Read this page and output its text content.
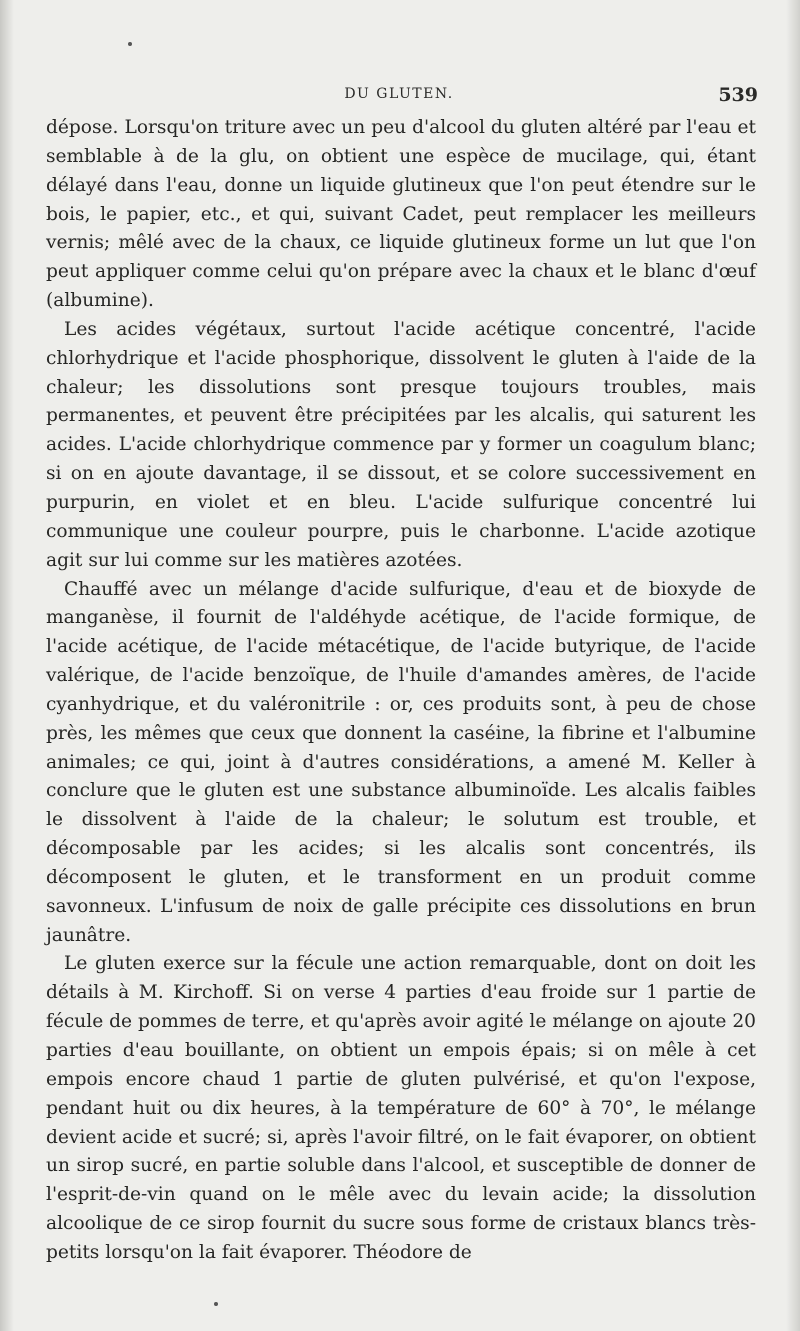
DU GLUTEN.	539

dépose. Lorsqu'on triture avec un peu d'alcool du gluten altéré par l'eau et semblable à de la glu, on obtient une espèce de mucilage, qui, étant délayé dans l'eau, donne un liquide glutineux que l'on peut étendre sur le bois, le papier, etc., et qui, suivant Cadet, peut remplacer les meilleurs vernis; mêlé avec de la chaux, ce liquide glutineux forme un lut que l'on peut appliquer comme celui qu'on prépare avec la chaux et le blanc d'œuf (albumine).

Les acides végétaux, surtout l'acide acétique concentré, l'acide chlorhydrique et l'acide phosphorique, dissolvent le gluten à l'aide de la chaleur; les dissolutions sont presque toujours troubles, mais permanentes, et peuvent être précipitées par les alcalis, qui saturent les acides. L'acide chlorhydrique commence par y former un coagulum blanc; si on en ajoute davantage, il se dissout, et se colore successivement en purpurin, en violet et en bleu. L'acide sulfurique concentré lui communique une couleur pourpre, puis le charbonne. L'acide azotique agit sur lui comme sur les matières azotées.

Chauffé avec un mélange d'acide sulfurique, d'eau et de bioxyde de manganèse, il fournit de l'aldéhyde acétique, de l'acide formique, de l'acide acétique, de l'acide métacétique, de l'acide butyrique, de l'acide valérique, de l'acide benzoïque, de l'huile d'amandes amères, de l'acide cyanhydrique, et du valéronitrile : or, ces produits sont, à peu de chose près, les mêmes que ceux que donnent la caséine, la fibrine et l'albumine animales; ce qui, joint à d'autres considérations, a amené M. Keller à conclure que le gluten est une substance albuminoïde. Les alcalis faibles le dissolvent à l'aide de la chaleur; le solutum est trouble, et décomposable par les acides; si les alcalis sont concentrés, ils décomposent le gluten, et le transforment en un produit comme savonneux. L'infusum de noix de galle précipite ces dissolutions en brun jaunâtre.

Le gluten exerce sur la fécule une action remarquable, dont on doit les détails à M. Kirchoff. Si on verse 4 parties d'eau froide sur 1 partie de fécule de pommes de terre, et qu'après avoir agité le mélange on ajoute 20 parties d'eau bouillante, on obtient un empois épais; si on mêle à cet empois encore chaud 1 partie de gluten pulvérisé, et qu'on l'expose, pendant huit ou dix heures, à la température de 60° à 70°, le mélange devient acide et sucré; si, après l'avoir filtré, on le fait évaporer, on obtient un sirop sucré, en partie soluble dans l'alcool, et susceptible de donner de l'esprit-de-vin quand on le mêle avec du levain acide; la dissolution alcoolique de ce sirop fournit du sucre sous forme de cristaux blancs très-petits lorsqu'on la fait évaporer. Théodore de
